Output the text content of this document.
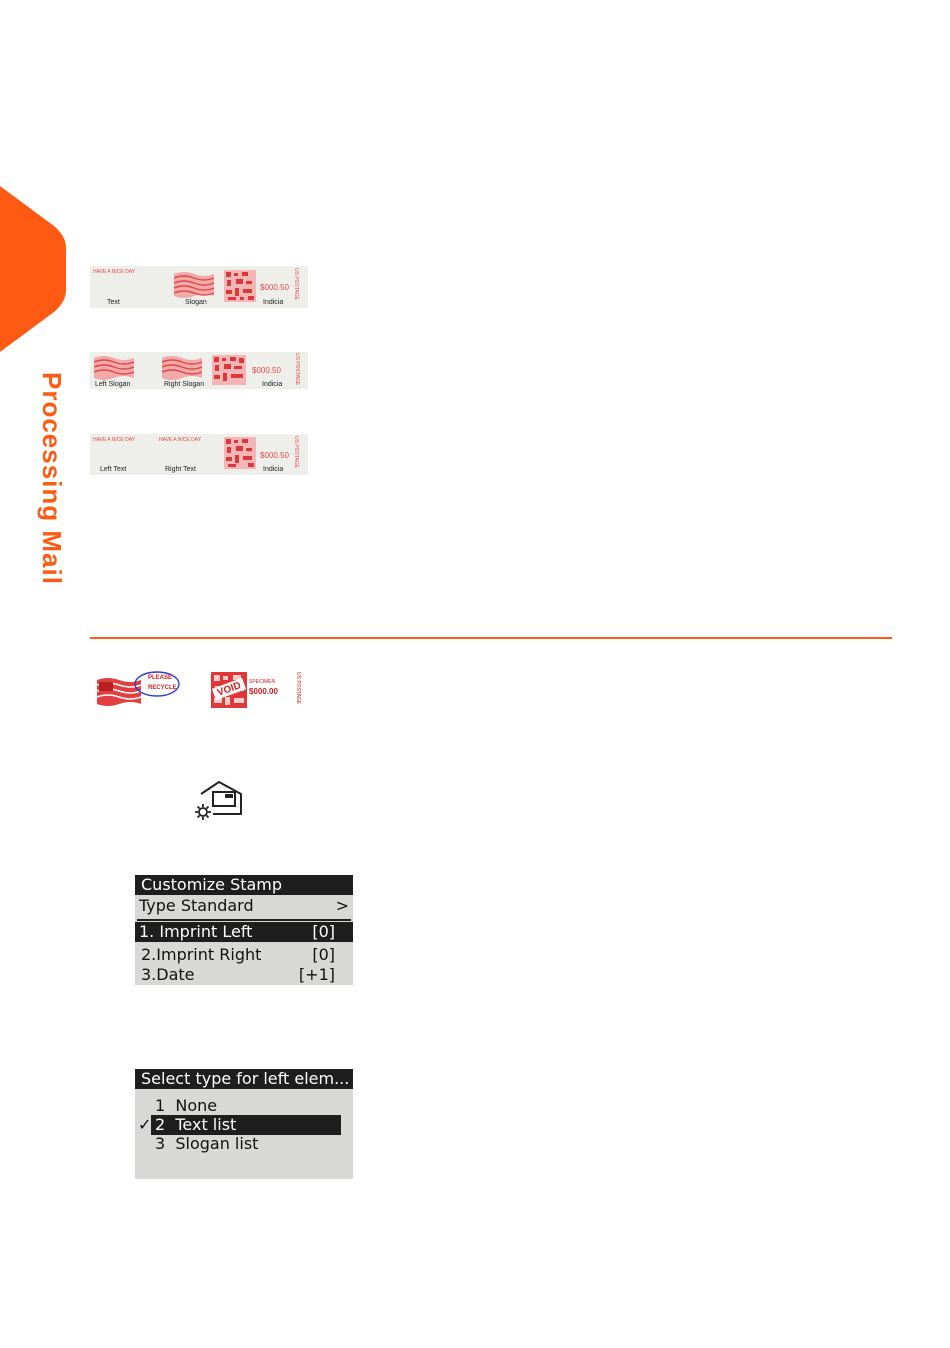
Processing Mail
HAVE A NICE DAY
$000.50 US POSTAGE
Text	Slogan	Indicia
$000.50	US POSTAGE
Left Slogan	Right Slogan	Indicia
HAVE A NICE DAY	HAVE A NICE DAY
$000.50 US POSTAGE
Left Text	Right Text	Indicia
PLEASE
RECYCLE	VOID SPECIMEN
$000.00	US POSTAGE
Customize Stamp
Type Standard	>
1. Imprint Left	[0]
2.Imprint Right	[0]
3.Date	[+1]
Select type for left elem...
1  None
✓ 2  Text list
3  Slogan list
